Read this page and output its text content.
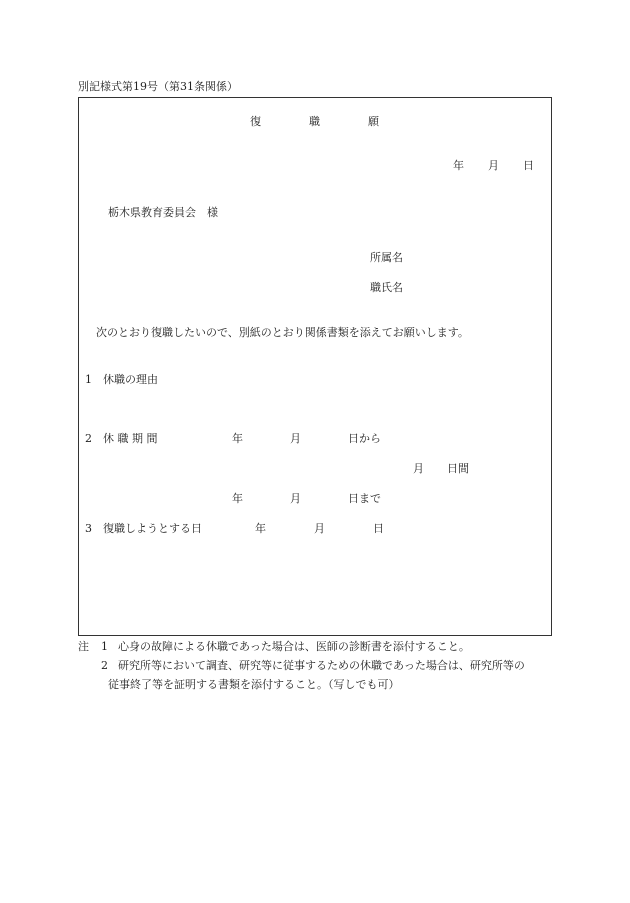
別記様式第19号（第31条関係）
復	職	願
年 月 日
栃木県教育委員会　様
所属名
職氏名
次のとおり復職したいので、別紙のとおり関係書類を添えてお願いします。
1 休職の理由
2 休 職 期 間	年	月	日から
月 日間
年	月	日まで
3 復職しようとする日	年	月	日
注 1 心身の故障による休職であった場合は、医師の診断書を添付すること。
2 研究所等において調査、研究等に従事するための休職であった場合は、研究所等の
従事終了等を証明する書類を添付すること。（写しでも可）
